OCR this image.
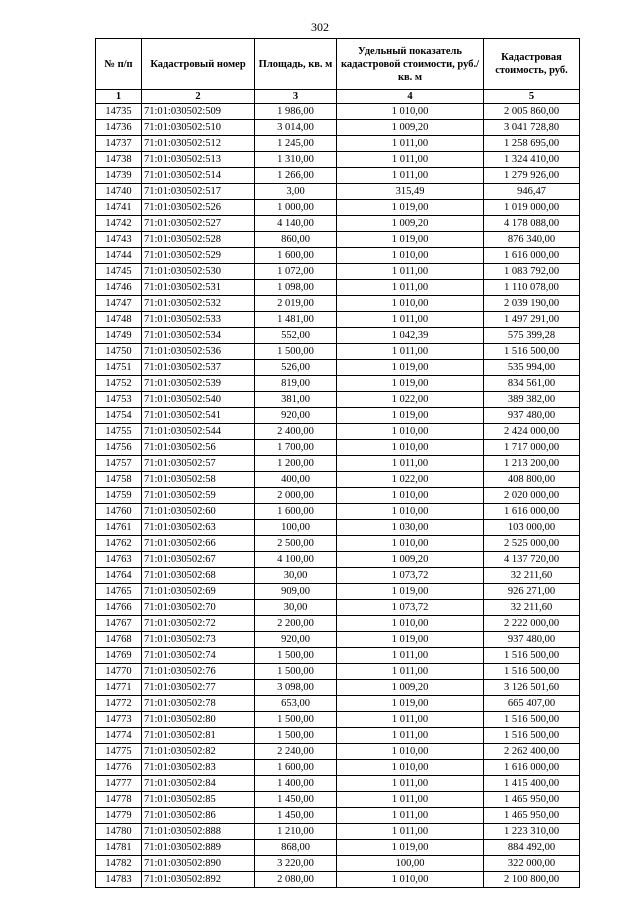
302
№ п/п	Кадастровый номер	Площадь, кв. м	Удельный показатель кадастровой стоимости, руб./кв. м	Кадастровая стоимость, руб.
1	2	3	4	5
14735	71:01:030502:509	1 986,00	1 010,00	2 005 860,00
14736	71:01:030502:510	3 014,00	1 009,20	3 041 728,80
14737	71:01:030502:512	1 245,00	1 011,00	1 258 695,00
14738	71:01:030502:513	1 310,00	1 011,00	1 324 410,00
14739	71:01:030502:514	1 266,00	1 011,00	1 279 926,00
14740	71:01:030502:517	3,00	315,49	946,47
14741	71:01:030502:526	1 000,00	1 019,00	1 019 000,00
14742	71:01:030502:527	4 140,00	1 009,20	4 178 088,00
14743	71:01:030502:528	860,00	1 019,00	876 340,00
14744	71:01:030502:529	1 600,00	1 010,00	1 616 000,00
14745	71:01:030502:530	1 072,00	1 011,00	1 083 792,00
14746	71:01:030502:531	1 098,00	1 011,00	1 110 078,00
14747	71:01:030502:532	2 019,00	1 010,00	2 039 190,00
14748	71:01:030502:533	1 481,00	1 011,00	1 497 291,00
14749	71:01:030502:534	552,00	1 042,39	575 399,28
14750	71:01:030502:536	1 500,00	1 011,00	1 516 500,00
14751	71:01:030502:537	526,00	1 019,00	535 994,00
14752	71:01:030502:539	819,00	1 019,00	834 561,00
14753	71:01:030502:540	381,00	1 022,00	389 382,00
14754	71:01:030502:541	920,00	1 019,00	937 480,00
14755	71:01:030502:544	2 400,00	1 010,00	2 424 000,00
14756	71:01:030502:56	1 700,00	1 010,00	1 717 000,00
14757	71:01:030502:57	1 200,00	1 011,00	1 213 200,00
14758	71:01:030502:58	400,00	1 022,00	408 800,00
14759	71:01:030502:59	2 000,00	1 010,00	2 020 000,00
14760	71:01:030502:60	1 600,00	1 010,00	1 616 000,00
14761	71:01:030502:63	100,00	1 030,00	103 000,00
14762	71:01:030502:66	2 500,00	1 010,00	2 525 000,00
14763	71:01:030502:67	4 100,00	1 009,20	4 137 720,00
14764	71:01:030502:68	30,00	1 073,72	32 211,60
14765	71:01:030502:69	909,00	1 019,00	926 271,00
14766	71:01:030502:70	30,00	1 073,72	32 211,60
14767	71:01:030502:72	2 200,00	1 010,00	2 222 000,00
14768	71:01:030502:73	920,00	1 019,00	937 480,00
14769	71:01:030502:74	1 500,00	1 011,00	1 516 500,00
14770	71:01:030502:76	1 500,00	1 011,00	1 516 500,00
14771	71:01:030502:77	3 098,00	1 009,20	3 126 501,60
14772	71:01:030502:78	653,00	1 019,00	665 407,00
14773	71:01:030502:80	1 500,00	1 011,00	1 516 500,00
14774	71:01:030502:81	1 500,00	1 011,00	1 516 500,00
14775	71:01:030502:82	2 240,00	1 010,00	2 262 400,00
14776	71:01:030502:83	1 600,00	1 010,00	1 616 000,00
14777	71:01:030502:84	1 400,00	1 011,00	1 415 400,00
14778	71:01:030502:85	1 450,00	1 011,00	1 465 950,00
14779	71:01:030502:86	1 450,00	1 011,00	1 465 950,00
14780	71:01:030502:888	1 210,00	1 011,00	1 223 310,00
14781	71:01:030502:889	868,00	1 019,00	884 492,00
14782	71:01:030502:890	3 220,00	100,00	322 000,00
14783	71:01:030502:892	2 080,00	1 010,00	2 100 800,00
